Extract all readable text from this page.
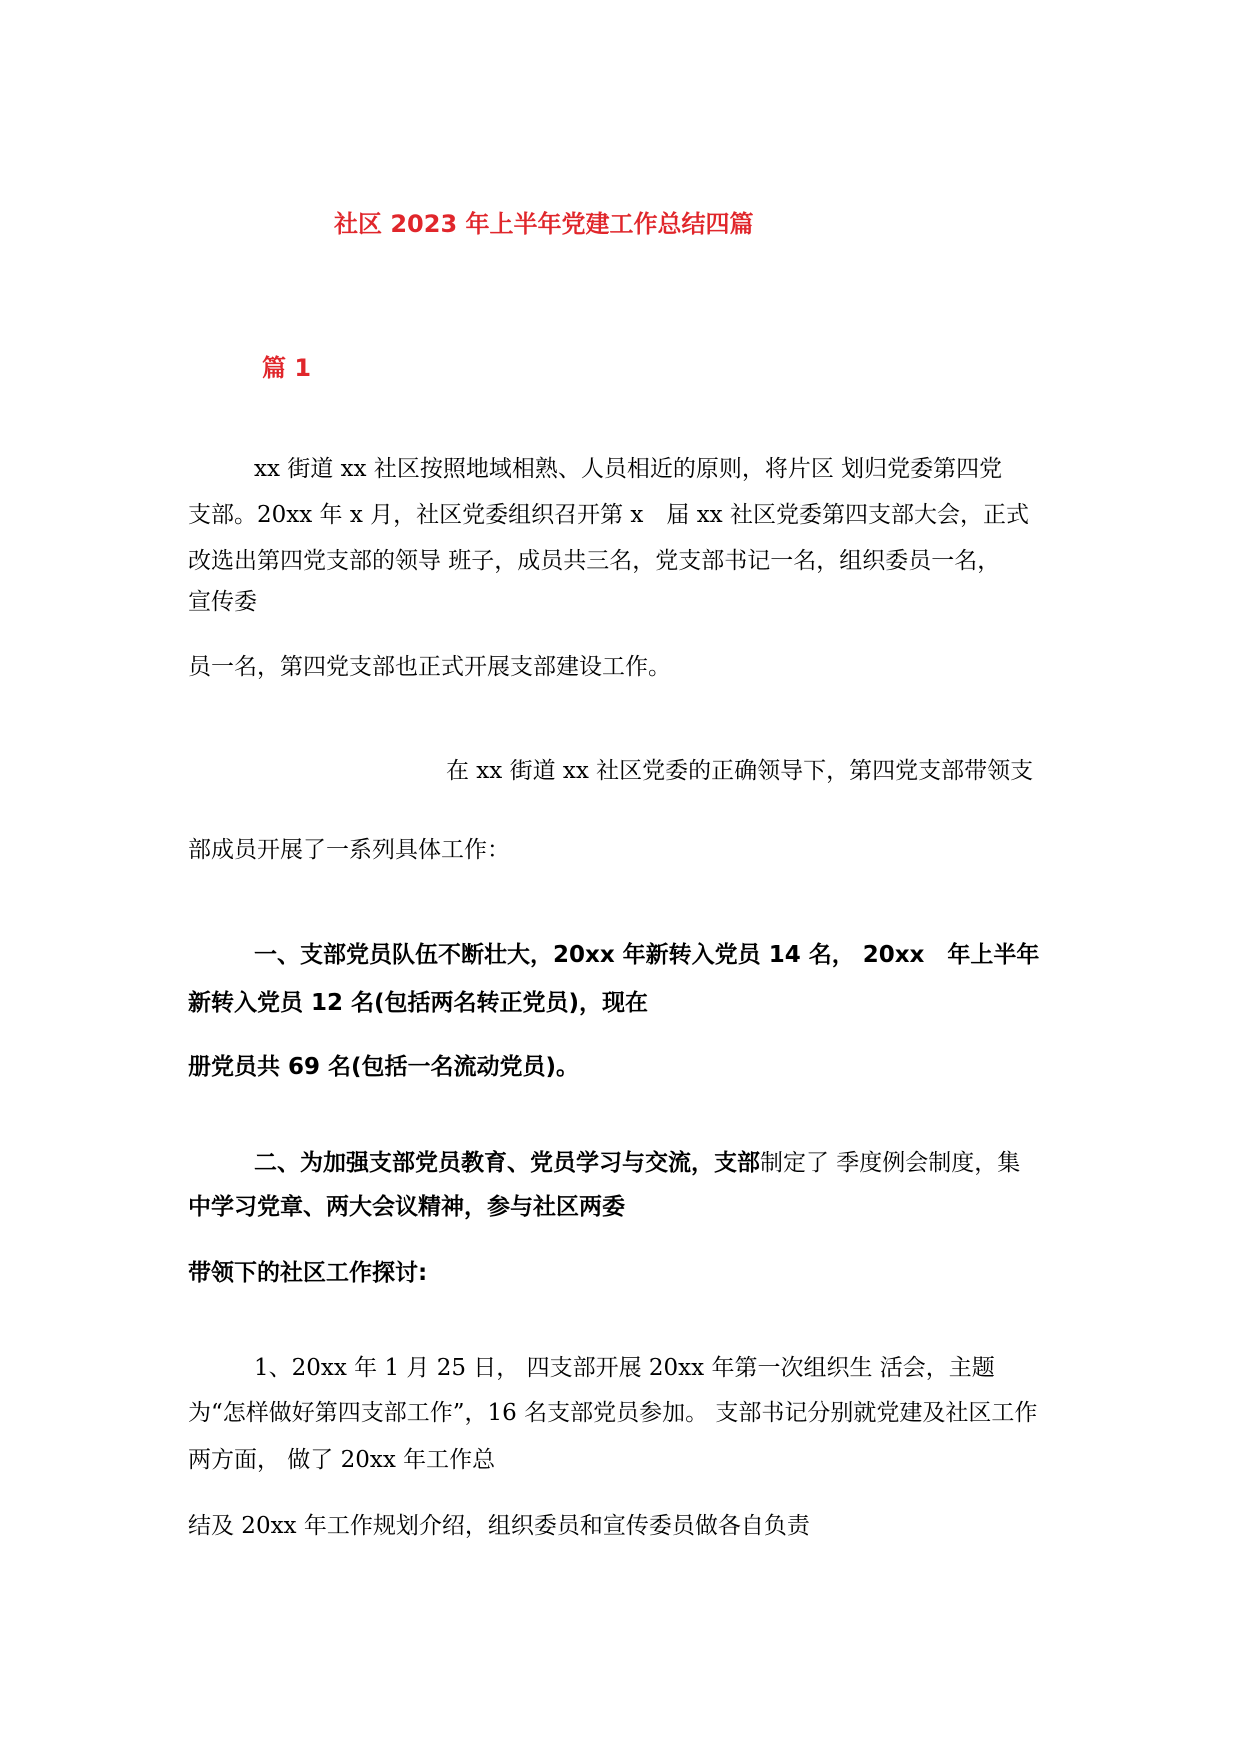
社区 2023 年上半年党建工作总结四篇
篇 1
xx 街道 xx 社区按照地域相熟、人员相近的原则，将片区 划归党委第四党
支部。20xx 年 x 月，社区党委组织召开第 x　届 xx 社区党委第四支部大会，正式
改选出第四党支部的领导 班子，成员共三名，党支部书记一名，组织委员一名，
宣传委
员一名，第四党支部也正式开展支部建设工作。
在 xx 街道 xx 社区党委的正确领导下，第四党支部带领支
部成员开展了一系列具体工作：
一、支部党员队伍不断壮大，20xx 年新转入党员 14 名， 20xx　年上半年
新转入党员 12 名(包括两名转正党员)，现在
册党员共 69 名(包括一名流动党员)。
二、为加强支部党员教育、党员学习与交流，支部制定了 季度例会制度，集
中学习党章、两大会议精神，参与社区两委
带领下的社区工作探讨:
1、20xx 年 1 月 25 日， 四支部开展 20xx 年第一次组织生 活会，主题
为“怎样做好第四支部工作”，16 名支部党员参加。 支部书记分别就党建及社区工作
两方面， 做了 20xx 年工作总
结及 20xx 年工作规划介绍，组织委员和宣传委员做各自负责
